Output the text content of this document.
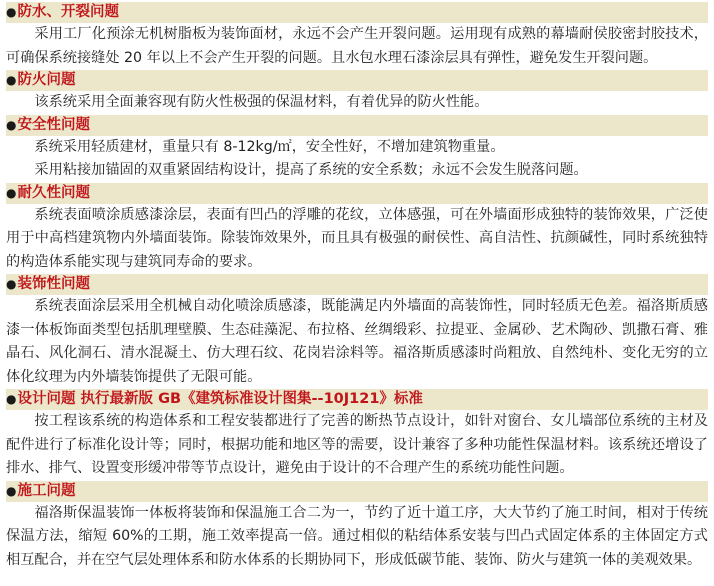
●防水、开裂问题

采用工厂化预涂无机树脂板为装饰面材，永远不会产生开裂问题。运用现有成熟的幕墙耐侯胶密封胶技术，可确保系统接缝处 20 年以上不会产生开裂的问题。且水包水理石漆涂层具有弹性，避免发生开裂问题。

●防火问题

该系统采用全面兼容现有防火性极强的保温材料，有着优异的防火性能。

●安全性问题

系统采用轻质建材，重量只有 8-12kg/㎡，安全性好，不增加建筑物重量。

采用粘接加锚固的双重紧固结构设计，提高了系统的安全系数；永远不会发生脱落问题。

●耐久性问题

系统表面喷涂质感漆涂层，表面有凹凸的浮雕的花纹，立体感强，可在外墙面形成独特的装饰效果，广泛使用于中高档建筑物内外墙面装饰。除装饰效果外，而且具有极强的耐侯性、高自洁性、抗颜碱性，同时系统独特的构造体系能实现与建筑同寿命的要求。

●装饰性问题

系统表面涂层采用全机械自动化喷涂质感漆，既能满足内外墙面的高装饰性，同时轻质无色差。福洛斯质感漆一体板饰面类型包括肌理壁膜、生态硅藻泥、布拉格、丝绸缎彩、拉提亚、金属砂、艺术陶砂、凯撒石膏、雅晶石、风化洞石、清水混凝土、仿大理石纹、花岗岩涂料等。福洛斯质感漆时尚粗放、自然纯朴、变化无穷的立体化纹理为内外墙装饰提供了无限可能。

●设计问题 执行最新版 GB《建筑标准设计图集--10J121》标准

按工程该系统的构造体系和工程安装都进行了完善的断热节点设计，如针对窗台、女儿墙部位系统的主材及配件进行了标准化设计等；同时，根据功能和地区等的需要，设计兼容了多种功能性保温材料。该系统还增设了排水、排气、设置变形缓冲带等节点设计，避免由于设计的不合理产生的系统功能性问题。

●施工问题

福洛斯保温装饰一体板将装饰和保温施工合二为一，节约了近十道工序，大大节约了施工时间，相对于传统保温方法，缩短 60%的工期，施工效率提高一倍。通过相似的粘结体系安装与凹凸式固定体系的主体固定方式相互配合，并在空气层处理体系和防水体系的长期协同下，形成低碳节能、装饰、防火与建筑一体的美观效果。
